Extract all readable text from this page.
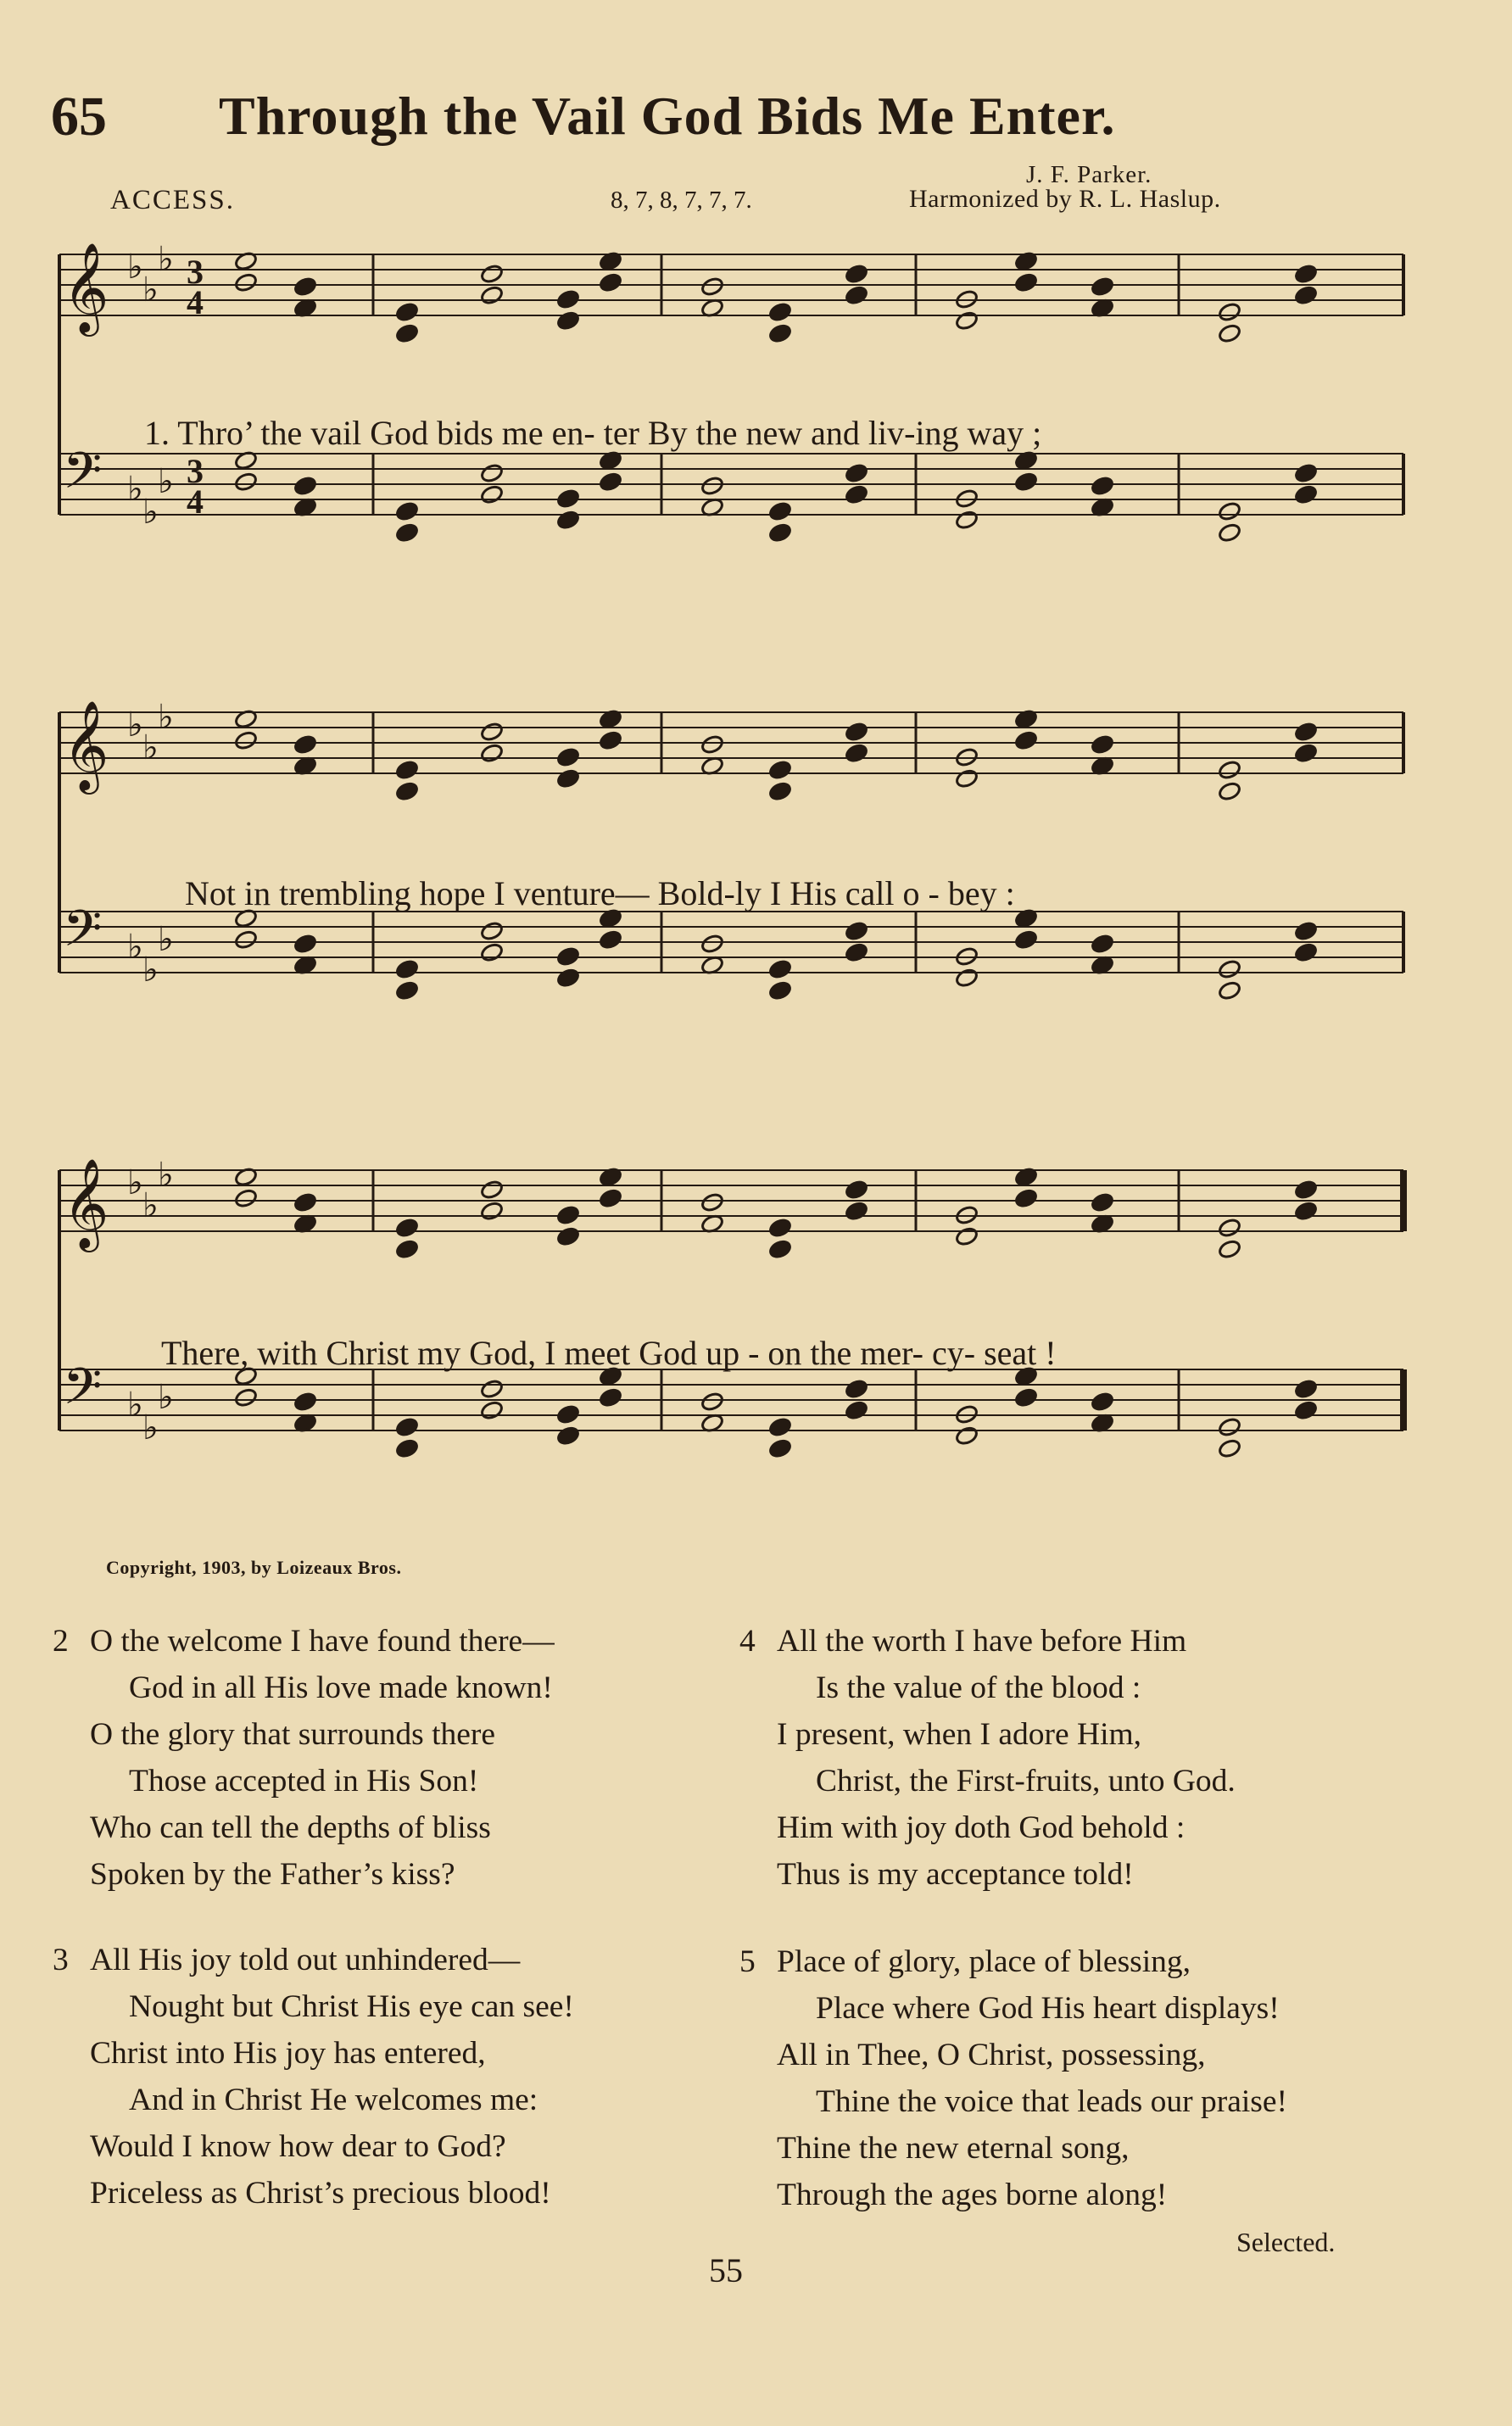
65 Through the Vail God Bids Me Enter.
J. F. Parker.
ACCESS.	8, 7, 8, 7, 7, 7.	Harmonized by R. L. Haslup.
𝄞 ♭
♭
♭
𝄢 ♭
♭
♭
3
4
3
4
1. Thro’ the vail God bids me en- ter By the new and liv-ing way ;
𝄞 ♭
♭
♭
𝄢 ♭
♭
♭
Not in trembling hope I venture— Bold-ly I His call o - bey :
𝄞 ♭
♭
♭
𝄢 ♭
♭
♭
There, with Christ my God, I meet God up - on the mer- cy- seat !
Copyright, 1903, by Loizeaux Bros.
2 O the welcome I have found there—
God in all His love made known!
O the glory that surrounds there
Those accepted in His Son!
Who can tell the depths of bliss
Spoken by the Father’s kiss?
3 All His joy told out unhindered—
Nought but Christ His eye can see!
Christ into His joy has entered,
And in Christ He welcomes me:
Would I know how dear to God?
Priceless as Christ’s precious blood!
4 All the worth I have before Him
Is the value of the blood :
I present, when I adore Him,
Christ, the First-fruits, unto God.
Him with joy doth God behold :
Thus is my acceptance told!
5 Place of glory, place of blessing,
Place where God His heart displays!
All in Thee, O Christ, possessing,
Thine the voice that leads our praise!
Thine the new eternal song,
Through the ages borne along!
Selected.
55
